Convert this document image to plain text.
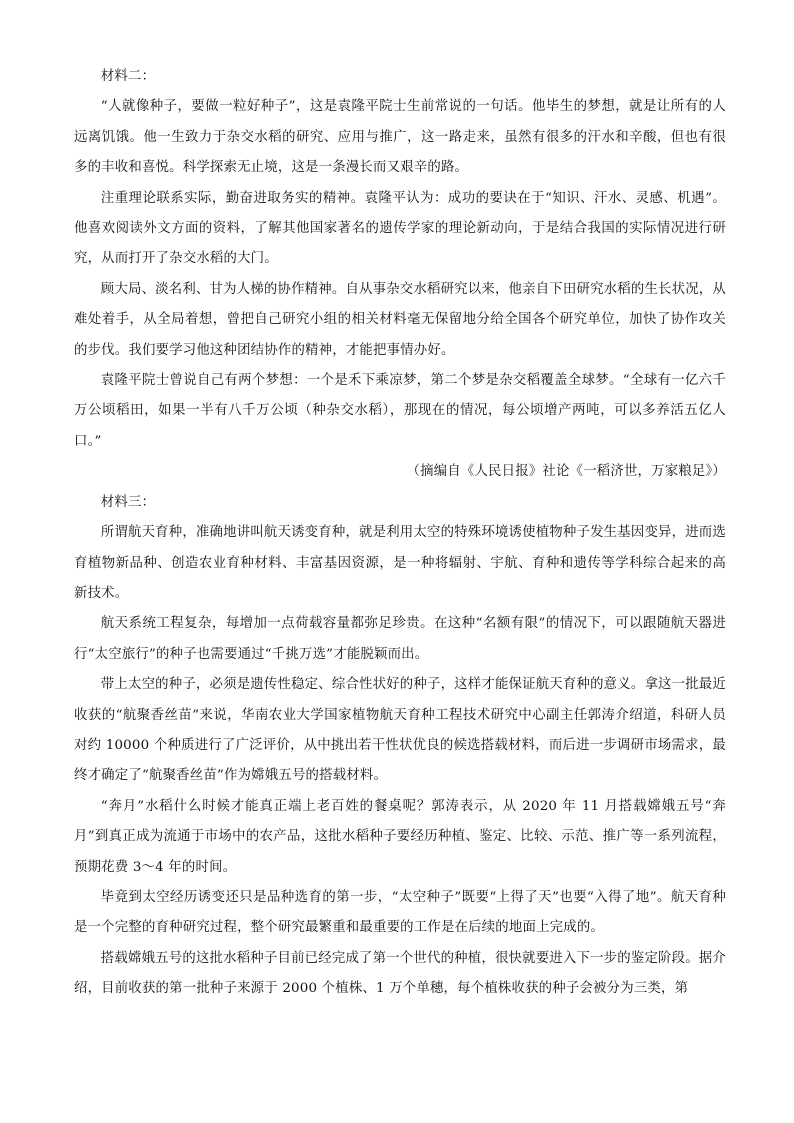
材料二：

“人就像种子，要做一粒好种子”，这是袁隆平院士生前常说的一句话。他毕生的梦想，就是让所有的人远离饥饿。他一生致力于杂交水稻的研究、应用与推广，这一路走来，虽然有很多的汗水和辛酸，但也有很多的丰收和喜悦。科学探索无止境，这是一条漫长而又艰辛的路。

注重理论联系实际，勤奋进取务实的精神。袁隆平认为：成功的要诀在于“知识、汗水、灵感、机遇”。他喜欢阅读外文方面的资料，了解其他国家著名的遗传学家的理论新动向，于是结合我国的实际情况进行研究，从而打开了杂交水稻的大门。

顾大局、淡名利、甘为人梯的协作精神。自从事杂交水稻研究以来，他亲自下田研究水稻的生长状况，从难处着手，从全局着想，曾把自己研究小组的相关材料毫无保留地分给全国各个研究单位，加快了协作攻关的步伐。我们要学习他这种团结协作的精神，才能把事情办好。

袁隆平院士曾说自己有两个梦想：一个是禾下乘凉梦，第二个梦是杂交稻覆盖全球梦。“全球有一亿六千万公顷稻田，如果一半有八千万公顷（种杂交水稻），那现在的情况，每公顷增产两吨，可以多养活五亿人口。”

（摘编自《人民日报》社论《一稻济世，万家粮足》）

材料三：

所谓航天育种，准确地讲叫航天诱变育种，就是利用太空的特殊环境诱使植物种子发生基因变异，进而选育植物新品种、创造农业育种材料、丰富基因资源，是一种将辐射、宇航、育种和遗传等学科综合起来的高新技术。

航天系统工程复杂，每增加一点荷载容量都弥足珍贵。在这种“名额有限”的情况下，可以跟随航天器进行“太空旅行”的种子也需要通过“千挑万选”才能脱颖而出。

带上太空的种子，必须是遗传性稳定、综合性状好的种子，这样才能保证航天育种的意义。拿这一批最近收获的“航聚香丝苗”来说，华南农业大学国家植物航天育种工程技术研究中心副主任郭涛介绍道，科研人员对约 10000 个种质进行了广泛评价，从中挑出若干性状优良的候选搭载材料，而后进一步调研市场需求，最终才确定了“航聚香丝苗”作为嫦娥五号的搭载材料。

“奔月”水稻什么时候才能真正端上老百姓的餐桌呢？郭涛表示，从 2020 年 11 月搭载嫦娥五号“奔月”到真正成为流通于市场中的农产品，这批水稻种子要经历种植、鉴定、比较、示范、推广等一系列流程，预期花费 3～4 年的时间。

毕竟到太空经历诱变还只是品种选育的第一步，“太空种子”既要“上得了天”也要“入得了地”。航天育种是一个完整的育种研究过程，整个研究最繁重和最重要的工作是在后续的地面上完成的。

搭载嫦娥五号的这批水稻种子目前已经完成了第一个世代的种植，很快就要进入下一步的鉴定阶段。据介绍，目前收获的第一批种子来源于 2000 个植株、1 万个单穗，每个植株收获的种子会被分为三类，第
